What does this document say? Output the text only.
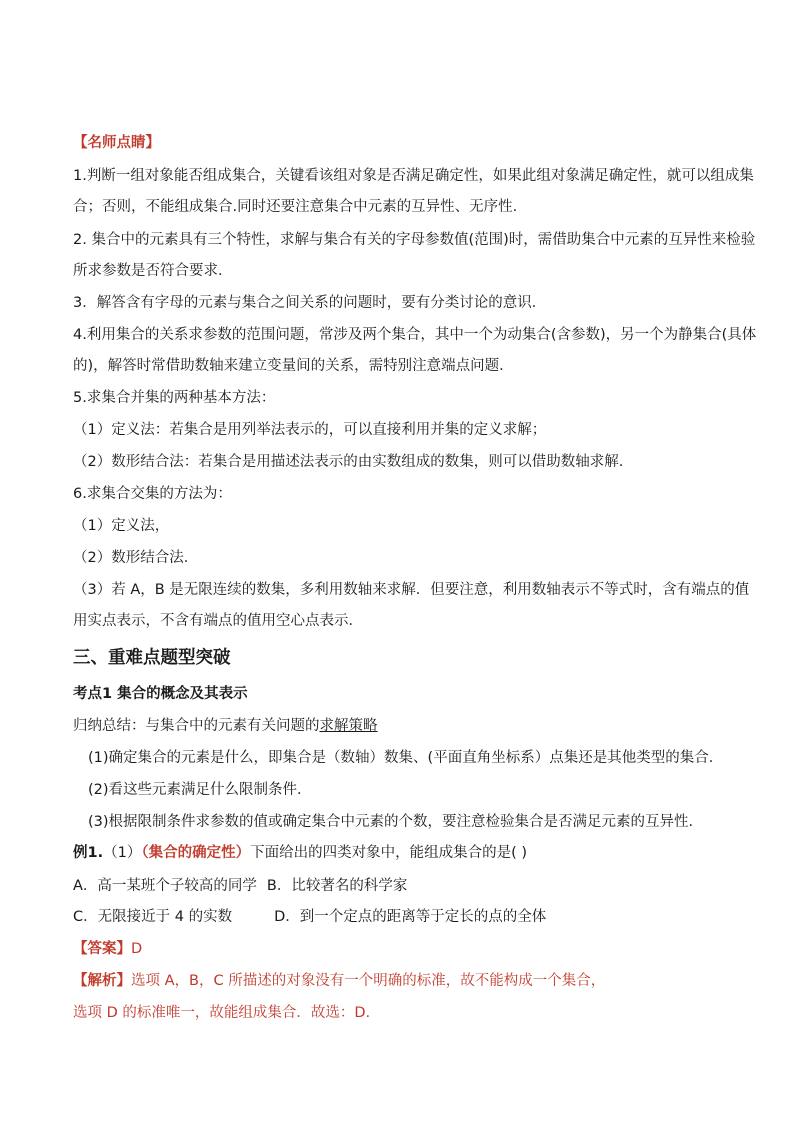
【名师点睛】
1.判断一组对象能否组成集合，关键看该组对象是否满足确定性，如果此组对象满足确定性，就可以组成集
合；否则，不能组成集合.同时还要注意集合中元素的互异性、无序性.
2. 集合中的元素具有三个特性，求解与集合有关的字母参数值(范围)时，需借助集合中元素的互异性来检验
所求参数是否符合要求．
3．解答含有字母的元素与集合之间关系的问题时，要有分类讨论的意识．
4.利用集合的关系求参数的范围问题，常涉及两个集合，其中一个为动集合(含参数)，另一个为静集合(具体
的)，解答时常借助数轴来建立变量间的关系，需特别注意端点问题．
5.求集合并集的两种基本方法：
（1）定义法：若集合是用列举法表示的，可以直接利用并集的定义求解；
（2）数形结合法：若集合是用描述法表示的由实数组成的数集，则可以借助数轴求解.
6.求集合交集的方法为：
（1）定义法，
（2）数形结合法．
（3）若 A，B 是无限连续的数集，多利用数轴来求解．但要注意，利用数轴表示不等式时，含有端点的值
用实点表示，不含有端点的值用空心点表示．
三、重难点题型突破
考点1 集合的概念及其表示
归纳总结：与集合中的元素有关问题的求解策略
(1)确定集合的元素是什么，即集合是（数轴）数集、(平面直角坐标系）点集还是其他类型的集合．
(2)看这些元素满足什么限制条件．
(3)根据限制条件求参数的值或确定集合中元素的个数，要注意检验集合是否满足元素的互异性．
例1.（1）（集合的确定性）下面给出的四类对象中，能组成集合的是( )
A．高一某班个子较高的同学 B．比较著名的科学家
C．无限接近于 4 的实数	D．到一个定点的距离等于定长的点的全体
【答案】D
【解析】选项 A，B，C 所描述的对象没有一个明确的标准，故不能构成一个集合，
选项 D 的标准唯一，故能组成集合．故选：D.
